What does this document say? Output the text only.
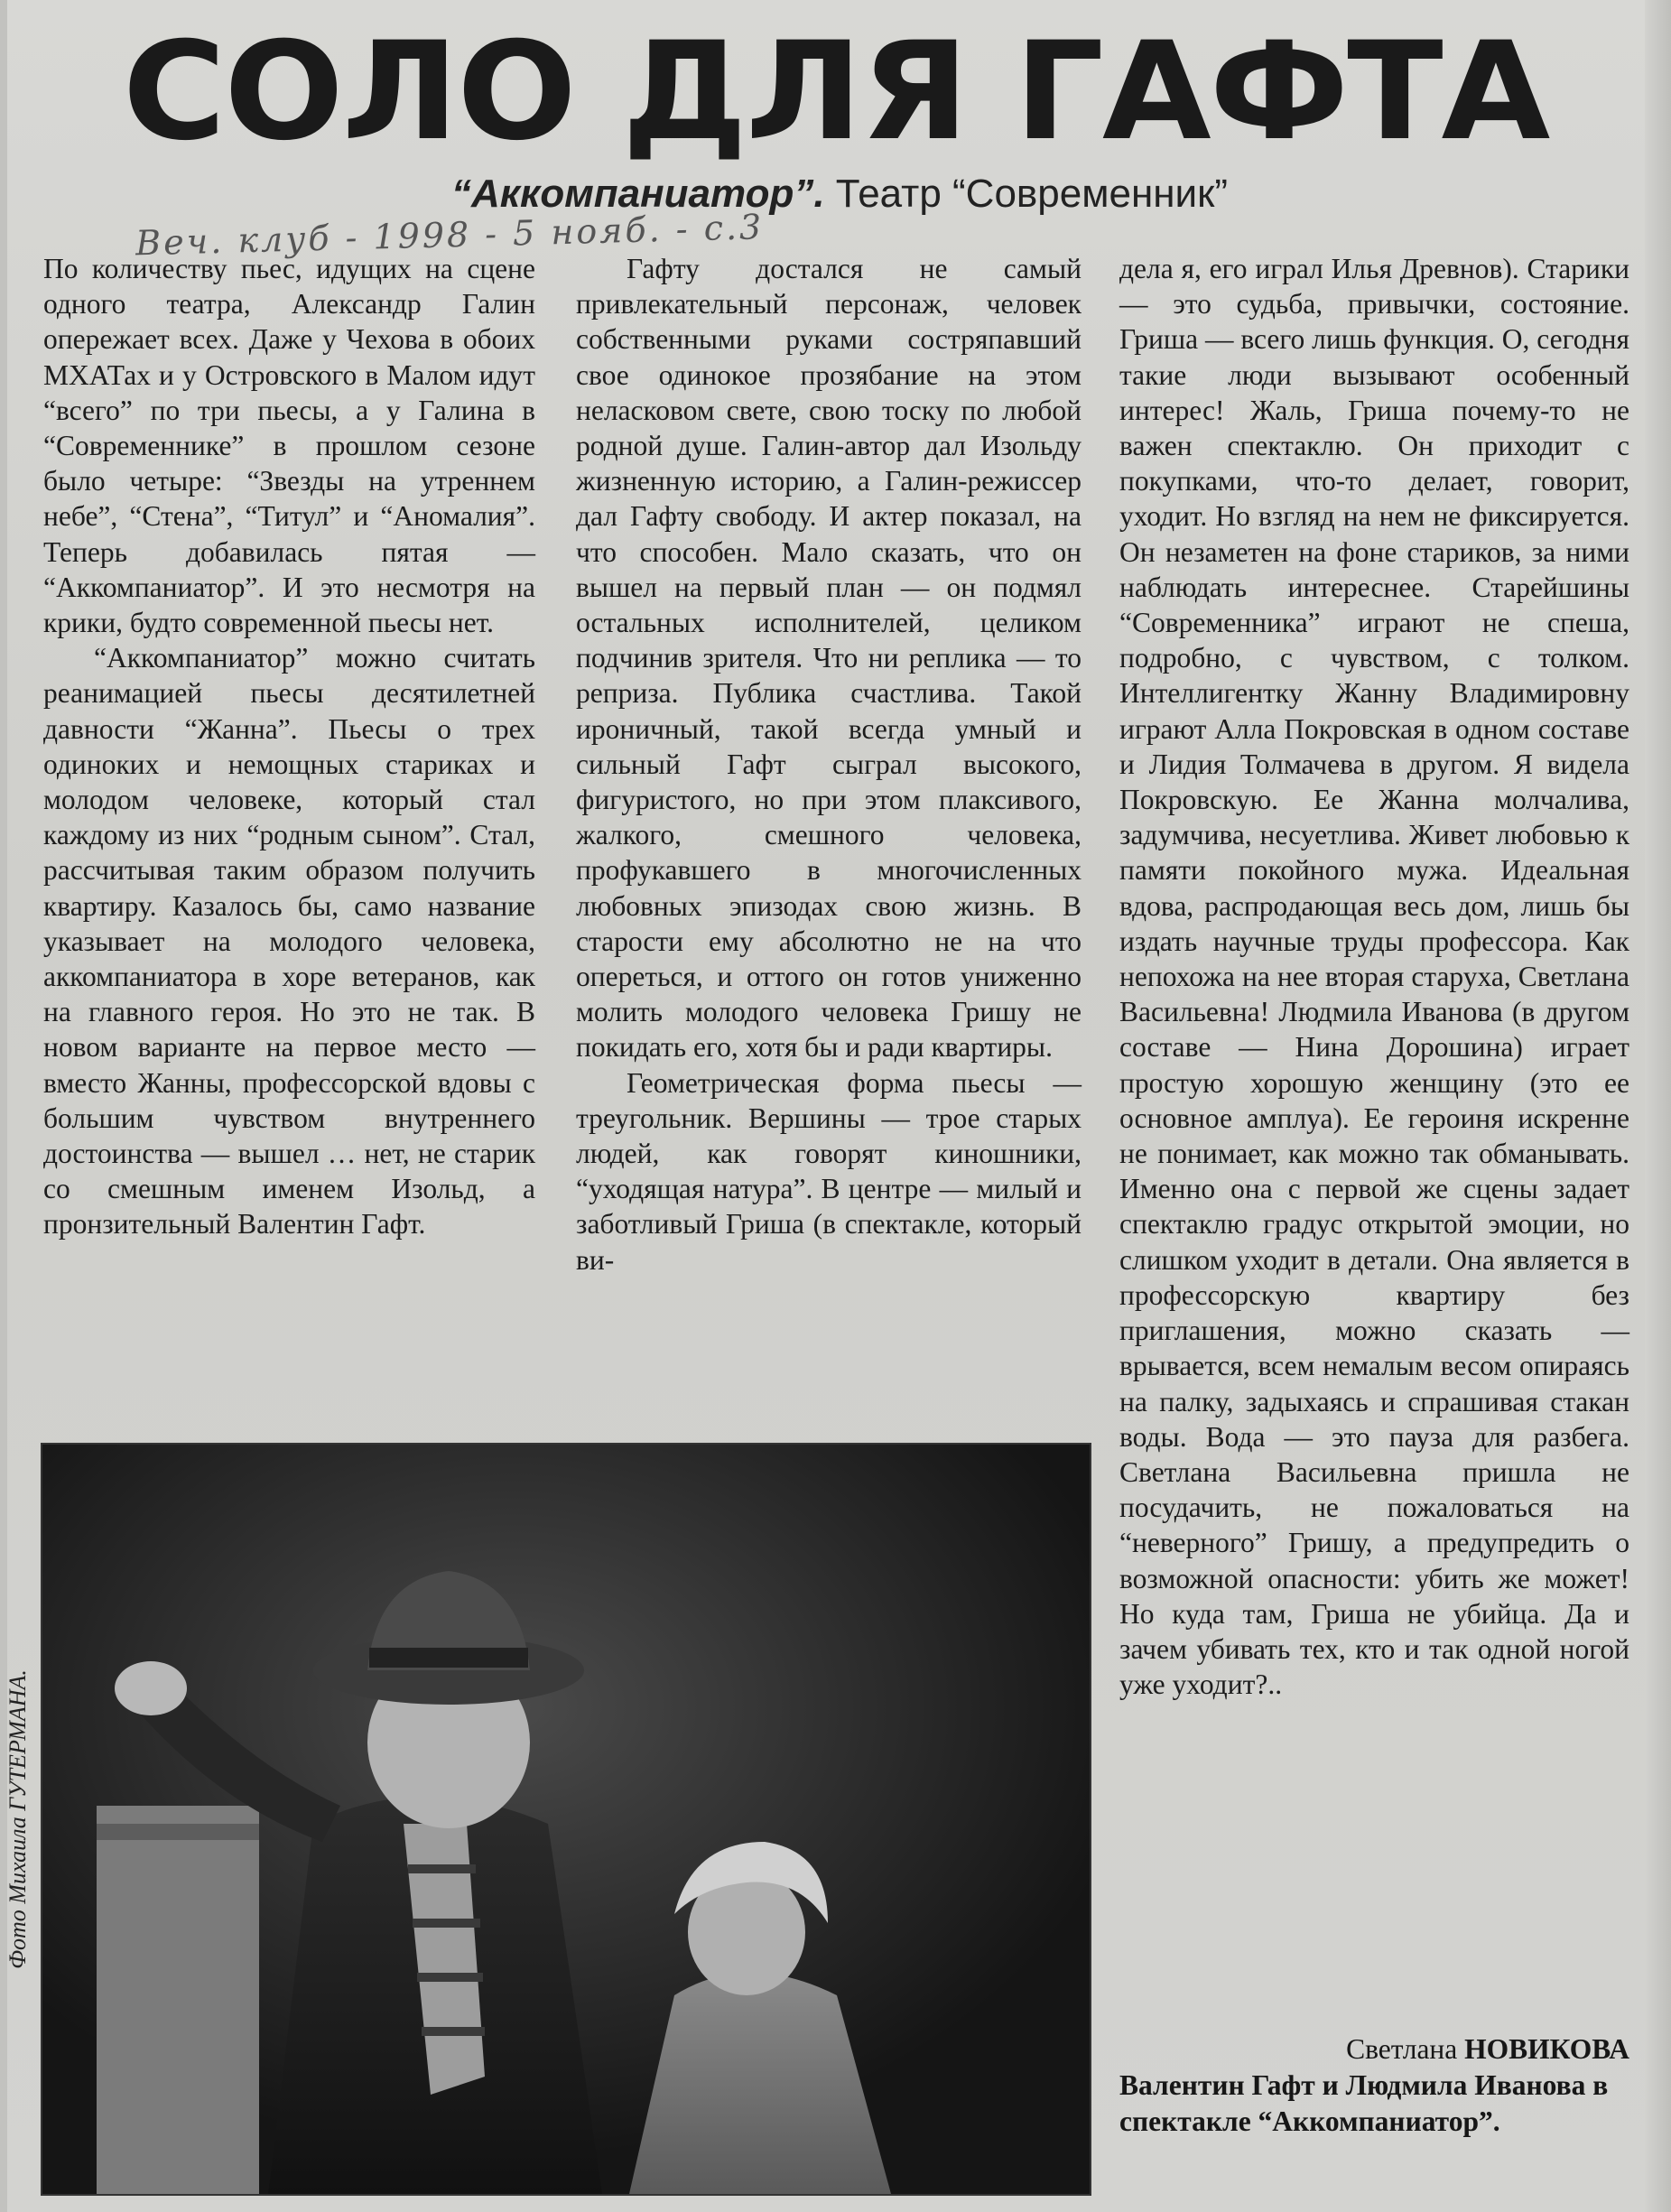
СОЛО ДЛЯ ГАФТА
“Аккомпаниатор”. Театр “Современник”
Веч. клуб - 1998 - 5 нояб. - с.3

По количеству пьес, идущих на сцене одного театра, Александр Галин опережает всех. Даже у Чехова в обоих МХАТах и у Островского в Малом идут “всего” по три пьесы, а у Галина в “Современнике” в прошлом сезоне было четыре: “Звезды на утреннем небе”, “Стена”, “Титул” и “Аномалия”. Теперь добавилась пятая — “Аккомпаниатор”. И это несмотря на крики, будто современной пьесы нет.

“Аккомпаниатор” можно считать реанимацией пьесы десятилетней давности “Жанна”. Пьесы о трех одиноких и немощных стариках и молодом человеке, который стал каждому из них “родным сыном”. Стал, рассчитывая таким образом получить квартиру. Казалось бы, само название указывает на молодого человека, аккомпаниатора в хоре ветеранов, как на главного героя. Но это не так. В новом варианте на первое место — вместо Жанны, профессорской вдовы с большим чувством внутреннего достоинства — вышел … нет, не старик со смешным именем Изольд, а пронзительный Валентин Гафт.

Гафту достался не самый привлекательный персонаж, человек собственными руками состряпавший свое одинокое прозябание на этом неласковом свете, свою тоску по любой родной душе. Галин-автор дал Изольду жизненную историю, а Галин-режиссер дал Гафту свободу. И актер показал, на что способен. Мало сказать, что он вышел на первый план — он подмял остальных исполнителей, целиком подчинив зрителя. Что ни реплика — то реприза. Публика счастлива. Такой ироничный, такой всегда умный и сильный Гафт сыграл высокого, фигуристого, но при этом плаксивого, жалкого, смешного человека, профукавшего в многочисленных любовных эпизодах свою жизнь. В старости ему абсолютно не на что опереться, и оттого он готов униженно молить молодого человека Гришу не покидать его, хотя бы и ради квартиры.

Геометрическая форма пьесы — треугольник. Вершины — трое старых людей, как говорят киношники, “уходящая натура”. В центре — милый и заботливый Гриша (в спектакле, который ви-

дела я, его играл Илья Древнов). Старики — это судьба, привычки, состояние. Гриша — всего лишь функция. О, сегодня такие люди вызывают особенный интерес! Жаль, Гриша почему-то не важен спектаклю. Он приходит с покупками, что-то делает, говорит, уходит. Но взгляд на нем не фиксируется. Он незаметен на фоне стариков, за ними наблюдать интереснее. Старейшины “Современника” играют не спеша, подробно, с чувством, с толком. Интеллигентку Жанну Владимировну играют Алла Покровская в одном составе и Лидия Толмачева в другом. Я видела Покровскую. Ее Жанна молчалива, задумчива, несуетлива. Живет любовью к памяти покойного мужа. Идеальная вдова, распродающая весь дом, лишь бы издать научные труды профессора. Как непохожа на нее вторая старуха, Светлана Васильевна! Людмила Иванова (в другом составе — Нина Дорошина) играет простую хорошую женщину (это ее основное амплуа). Ее героиня искренне не понимает, как можно так обманывать. Именно она с первой же сцены задает спектаклю градус открытой эмоции, но слишком уходит в детали. Она является в профессорскую квартиру без приглашения, можно сказать — врывается, всем немалым весом опираясь на палку, задыхаясь и спрашивая стакан воды. Вода — это пауза для разбега. Светлана Васильевна пришла не посудачить, не пожаловаться на “неверного” Гришу, а предупредить о возможной опасности: убить же может! Но куда там, Гриша не убийца. Да и зачем убивать тех, кто и так одной ногой уже уходит?..

Светлана НОВИКОВА
Валентин Гафт и Людмила Иванова в спектакле “Аккомпаниатор”.
Фото Михаила ГУТЕРМАНА.
